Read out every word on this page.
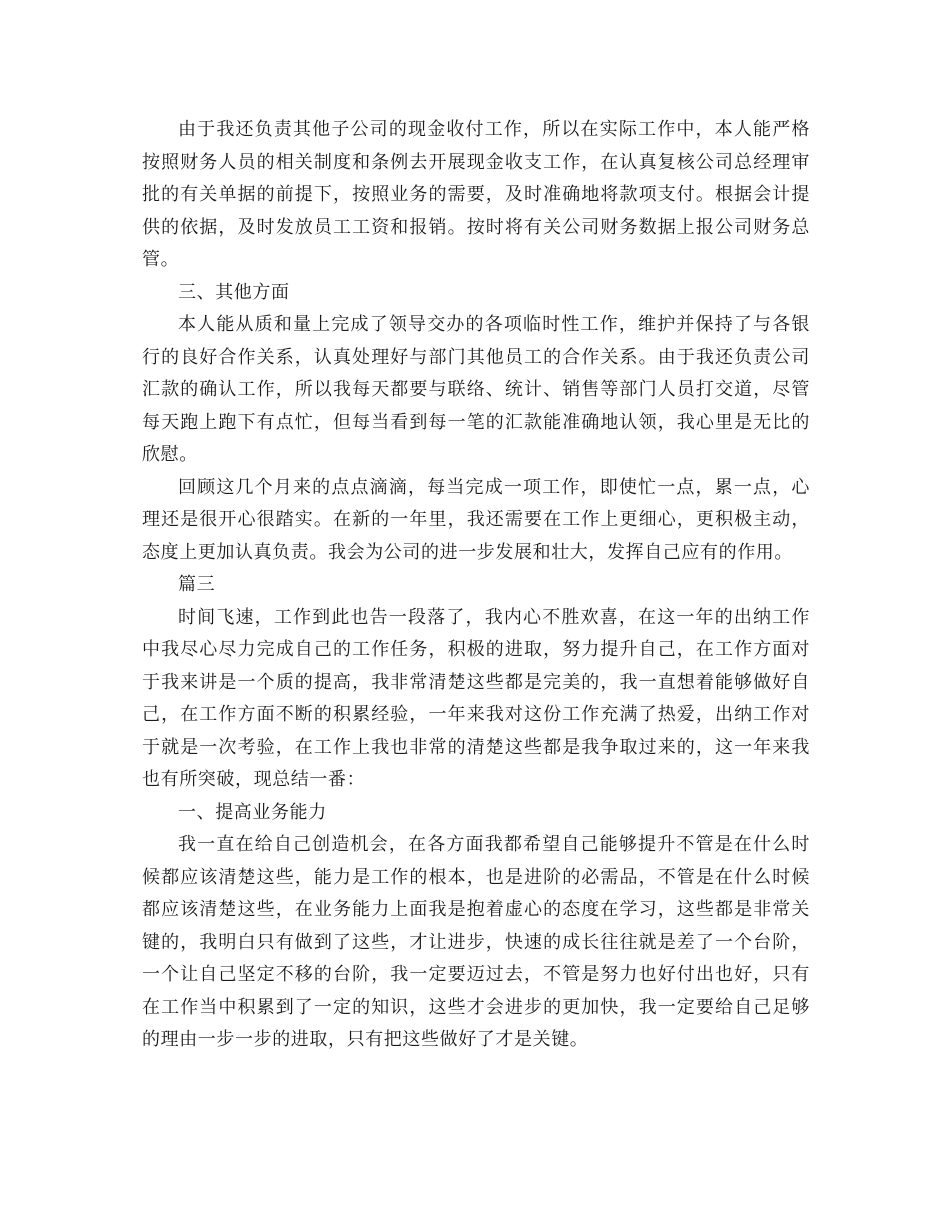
由于我还负责其他子公司的现金收付工作，所以在实际工作中，本人能严格按照财务人员的相关制度和条例去开展现金收支工作，在认真复核公司总经理审批的有关单据的前提下，按照业务的需要，及时准确地将款项支付。根据会计提供的依据，及时发放员工工资和报销。按时将有关公司财务数据上报公司财务总管。

三、其他方面

本人能从质和量上完成了领导交办的各项临时性工作，维护并保持了与各银行的良好合作关系，认真处理好与部门其他员工的合作关系。由于我还负责公司汇款的确认工作，所以我每天都要与联络、统计、销售等部门人员打交道，尽管每天跑上跑下有点忙，但每当看到每一笔的汇款能准确地认领，我心里是无比的欣慰。

回顾这几个月来的点点滴滴，每当完成一项工作，即使忙一点，累一点，心理还是很开心很踏实。在新的一年里，我还需要在工作上更细心，更积极主动，态度上更加认真负责。我会为公司的进一步发展和壮大，发挥自己应有的作用。

篇三

时间飞速，工作到此也告一段落了，我内心不胜欢喜，在这一年的出纳工作中我尽心尽力完成自己的工作任务，积极的进取，努力提升自己，在工作方面对于我来讲是一个质的提高，我非常清楚这些都是完美的，我一直想着能够做好自己，在工作方面不断的积累经验，一年来我对这份工作充满了热爱，出纳工作对于就是一次考验，在工作上我也非常的清楚这些都是我争取过来的，这一年来我也有所突破，现总结一番：

一、提高业务能力

我一直在给自己创造机会，在各方面我都希望自己能够提升不管是在什么时候都应该清楚这些，能力是工作的根本，也是进阶的必需品，不管是在什么时候都应该清楚这些，在业务能力上面我是抱着虚心的态度在学习，这些都是非常关键的，我明白只有做到了这些，才让进步，快速的成长往往就是差了一个台阶，一个让自己坚定不移的台阶，我一定要迈过去，不管是努力也好付出也好，只有在工作当中积累到了一定的知识，这些才会进步的更加快，我一定要给自己足够的理由一步一步的进取，只有把这些做好了才是关键。
